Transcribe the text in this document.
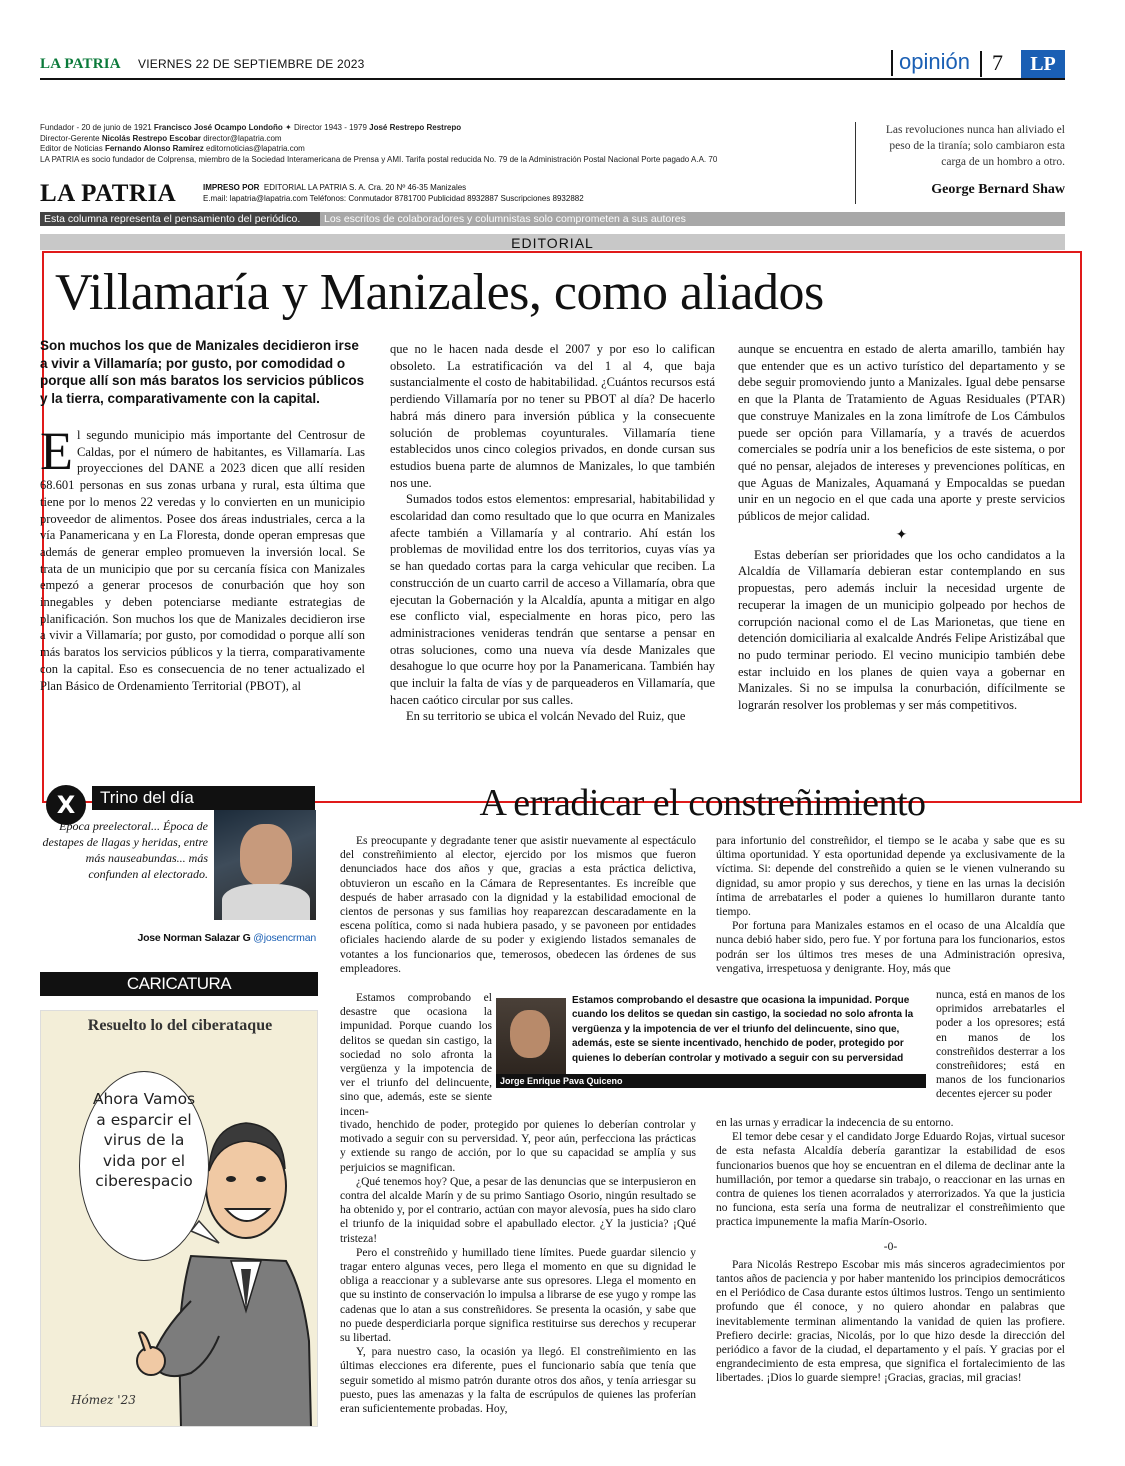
LA PATRIA VIERNES 22 DE SEPTIEMBRE DE 2023	opinión	7	LP
Fundador - 20 de junio de 1921 Francisco José Ocampo Londoño ✦ Director 1943 - 1979 José Restrepo Restrepo
Director-Gerente Nicolás Restrepo Escobar director@lapatria.com
Editor de Noticias Fernando Alonso Ramírez editornoticias@lapatria.com
LA PATRIA es socio fundador de Colprensa, miembro de la Sociedad Interamericana de Prensa y AMI. Tarifa postal reducida No. 79 de la Administración Postal Nacional Porte pagado A.A. 70
LA PATRIA	IMPRESO POR EDITORIAL LA PATRIA S. A. Cra. 20 Nº 46-35 Manizales
E.mail: lapatria@lapatria.com Teléfonos: Conmutador 8781700 Publicidad 8932887 Suscripciones 8932882
Las revoluciones nunca han aliviado el peso de la tiranía; solo cambiaron esta carga de un hombro a otro.
George Bernard Shaw
Esta columna representa el pensamiento del periódico.	Los escritos de colaboradores y columnistas solo comprometen a sus autores
EDITORIAL
Villamaría y Manizales, como aliados
Son muchos los que de Manizales decidieron irse a vivir a Villamaría; por gusto, por comodidad o porque allí son más baratos los servicios públicos y la tierra, comparativamente con la capital.

El segundo municipio más importante del Centrosur de Caldas, por el número de habitantes, es Villamaría. Las proyecciones del DANE a 2023 dicen que allí residen 68.601 personas en sus zonas urbana y rural, esta última que tiene por lo menos 22 veredas y lo convierten en un municipio proveedor de alimentos. Posee dos áreas industriales, cerca a la vía Panamericana y en La Floresta, donde operan empresas que además de generar empleo promueven la inversión local. Se trata de un municipio que por su cercanía física con Manizales empezó a generar procesos de conurbación que hoy son innegables y deben potenciarse mediante estrategias de planificación. Son muchos los que de Manizales decidieron irse a vivir a Villamaría; por gusto, por comodidad o porque allí son más baratos los servicios públicos y la tierra, comparativamente con la capital. Eso es consecuencia de no tener actualizado el Plan Básico de Ordenamiento Territorial (PBOT), al

que no le hacen nada desde el 2007 y por eso lo califican obsoleto. La estratificación va del 1 al 4, que baja sustancialmente el costo de habitabilidad. ¿Cuántos recursos está perdiendo Villamaría por no tener su PBOT al día? De hacerlo habrá más dinero para inversión pública y la consecuente solución de problemas coyunturales. Villamaría tiene establecidos unos cinco colegios privados, en donde cursan sus estudios buena parte de alumnos de Manizales, lo que también nos une.

Sumados todos estos elementos: empresarial, habitabilidad y escolaridad dan como resultado que lo que ocurra en Manizales afecte también a Villamaría y al contrario. Ahí están los problemas de movilidad entre los dos territorios, cuyas vías ya se han quedado cortas para la carga vehicular que reciben. La construcción de un cuarto carril de acceso a Villamaría, obra que ejecutan la Gobernación y la Alcaldía, apunta a mitigar en algo ese conflicto vial, especialmente en horas pico, pero las administraciones venideras tendrán que sentarse a pensar en otras soluciones, como una nueva vía desde Manizales que desahogue lo que ocurre hoy por la Panamericana. También hay que incluir la falta de vías y de parqueaderos en Villamaría, que hacen caótico circular por sus calles.

En su territorio se ubica el volcán Nevado del Ruiz, que

aunque se encuentra en estado de alerta amarillo, también hay que entender que es un activo turístico del departamento y se debe seguir promoviendo junto a Manizales. Igual debe pensarse en que la Planta de Tratamiento de Aguas Residuales (PTAR) que construye Manizales en la zona limítrofe de Los Cámbulos puede ser opción para Villamaría, y a través de acuerdos comerciales se podría unir a los beneficios de este sistema, o por qué no pensar, alejados de intereses y prevenciones políticas, en que Aguas de Manizales, Aquamaná y Empocaldas se puedan unir en un negocio en el que cada una aporte y preste servicios públicos de mejor calidad.

✦

Estas deberían ser prioridades que los ocho candidatos a la Alcaldía de Villamaría debieran estar contemplando en sus propuestas, pero además incluir la necesidad urgente de recuperar la imagen de un municipio golpeado por hechos de corrupción nacional como el de Las Marionetas, que tiene en detención domiciliaria al exalcalde Andrés Felipe Aristizábal que no pudo terminar periodo. El vecino municipio también debe estar incluido en los planes de quien vaya a gobernar en Manizales. Si no se impulsa la conurbación, difícilmente se lograrán resolver los problemas y ser más competitivos.

Trino del día
X
Época preelectoral... Época de destapes de llagas y heridas, entre más nauseabundas... más confunden al electorado.
Jose Norman Salazar G @josencrman
CARICATURA
Resuelto lo del ciberataque
Ahora Vamos a esparcir el virus de la vida por el ciberespacio
Hómez '23
A erradicar el constreñimiento

Es preocupante y degradante tener que asistir nuevamente al espectáculo del constreñimiento al elector, ejercido por los mismos que fueron denunciados hace dos años y que, gracias a esta práctica delictiva, obtuvieron un escaño en la Cámara de Representantes. Es increíble que después de haber arrasado con la dignidad y la estabilidad emocional de cientos de personas y sus familias hoy reaparezcan descaradamente en la escena política, como si nada hubiera pasado, y se pavoneen por entidades oficiales haciendo alarde de su poder y exigiendo listados semanales de votantes a los funcionarios que, temerosos, obedecen las órdenes de sus empleadores.

Estamos comprobando el desastre que ocasiona la impunidad. Porque cuando los delitos se quedan sin castigo, la sociedad no solo afronta la vergüenza y la impotencia de ver el triunfo del delincuente, sino que, además, este se siente incen-

tivado, henchido de poder, protegido por quienes lo deberían controlar y motivado a seguir con su perversidad. Y, peor aún, perfecciona las prácticas y extiende su rango de acción, por lo que su capacidad se amplía y sus perjuicios se magnifican.

¿Qué tenemos hoy? Que, a pesar de las denuncias que se interpusieron en contra del alcalde Marín y de su primo Santiago Osorio, ningún resultado se ha obtenido y, por el contrario, actúan con mayor alevosía, pues ha sido claro el triunfo de la iniquidad sobre el apabullado elector. ¿Y la justicia? ¡Qué tristeza!

Pero el constreñido y humillado tiene límites. Puede guardar silencio y tragar entero algunas veces, pero llega el momento en que su dignidad le obliga a reaccionar y a sublevarse ante sus opresores. Llega el momento en que su instinto de conservación lo impulsa a librarse de ese yugo y rompe las cadenas que lo atan a sus constreñidores. Se presenta la ocasión, y sabe que no puede desperdiciarla porque significa restituirse sus derechos y recuperar su libertad.

Y, para nuestro caso, la ocasión ya llegó. El constreñimiento en las últimas elecciones era diferente, pues el funcionario sabía que tenía que seguir sometido al mismo patrón durante otros dos años, y tenía arriesgar su puesto, pues las amenazas y la falta de escrúpulos de quienes las proferían eran suficientemente probadas. Hoy,

para infortunio del constreñidor, el tiempo se le acaba y sabe que es su última oportunidad. Y esta oportunidad depende ya exclusivamente de la víctima. Si: depende del constreñido a quien se le vienen vulnerando su dignidad, su amor propio y sus derechos, y tiene en las urnas la decisión íntima de arrebatarles el poder a quienes lo humillaron durante tanto tiempo.

Por fortuna para Manizales estamos en el ocaso de una Alcaldía que nunca debió haber sido, pero fue. Y por fortuna para los funcionarios, estos podrán ser los últimos tres meses de una Administración opresiva, vengativa, irrespetuosa y denigrante. Hoy, más que

nunca, está en manos de los oprimidos arrebatarles el poder a los opresores; está en manos de los constreñidos desterrar a los constreñidores; está en manos de los funcionarios decentes ejercer su poder

en las urnas y erradicar la indecencia de su entorno.

El temor debe cesar y el candidato Jorge Eduardo Rojas, virtual sucesor de esta nefasta Alcaldía debería garantizar la estabilidad de esos funcionarios buenos que hoy se encuentran en el dilema de declinar ante la humillación, por temor a quedarse sin trabajo, o reaccionar en las urnas en contra de quienes los tienen acorralados y aterrorizados. Ya que la justicia no funciona, esta sería una forma de neutralizar el constreñimiento que practica impunemente la mafia Marín-Osorio.

-0-

Para Nicolás Restrepo Escobar mis más sinceros agradecimientos por tantos años de paciencia y por haber mantenido los principios democráticos en el Periódico de Casa durante estos últimos lustros. Tengo un sentimiento profundo que él conoce, y no quiero ahondar en palabras que inevitablemente terminan alimentando la vanidad de quien las profiere. Prefiero decirle: gracias, Nicolás, por lo que hizo desde la dirección del periódico a favor de la ciudad, el departamento y el país. Y gracias por el engrandecimiento de esta empresa, que significa el fortalecimiento de las libertades. ¡Dios lo guarde siempre! ¡Gracias, gracias, mil gracias!

Estamos comprobando el desastre que ocasiona la impunidad. Porque cuando los delitos se quedan sin castigo, la sociedad no solo afronta la vergüenza y la impotencia de ver el triunfo del delincuente, sino que, además, este se siente incentivado, henchido de poder, protegido por quienes lo deberían controlar y motivado a seguir con su perversidad
Jorge Enrique Pava Quiceno
